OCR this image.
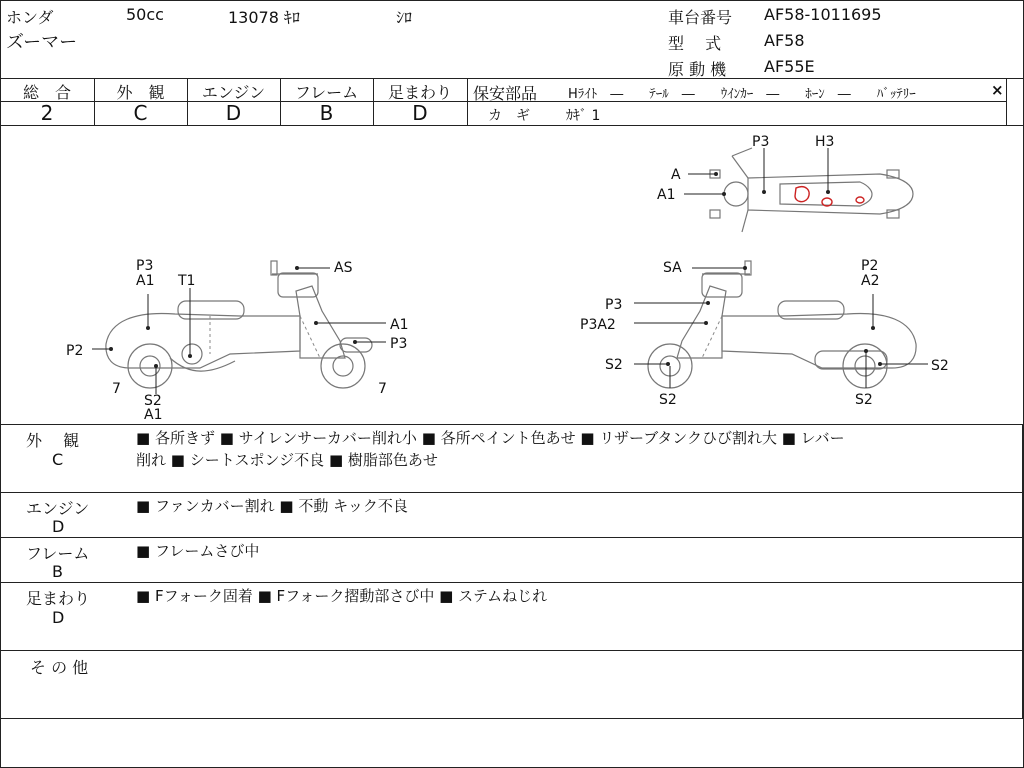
ホンダ	50cc	13078 ｷﾛ	ｼﾛ
ズーマー
車台番号 AF58-1011695
型　 式	AF58
原 動 機 AF55E
総　合
2
外　観
C
エンジン
D
フレーム
B
足まわり
D
保安部品 Hﾗｲﾄ　―　　ﾃｰﾙ　―　　ｳｲﾝｶｰ　―　　ﾎｰﾝ　―　　ﾊﾞｯﾃﾘｰ	×
カ　ギ	ｶｷﾞ 1
P3
A1 T1
AS
A1
P3
P2
7	7
S2
A1
SA	P2
A2
P3
P3A2
S2	S2
S2	S2
P3	H3
A
A1
外　 観
C
■ 各所きず ■ サイレンサーカバー削れ小 ■ 各所ペイント色あせ ■ リザーブタンクひび割れ大 ■ レバー
削れ ■ シートスポンジ不良 ■ 樹脂部色あせ
エンジン
D
■ ファンカバー割れ ■ 不動 キック不良
フレーム
B
■ フレームさび中
足まわり
D
■ Fフォーク固着 ■ Fフォーク摺動部さび中 ■ ステムねじれ
そ の 他
